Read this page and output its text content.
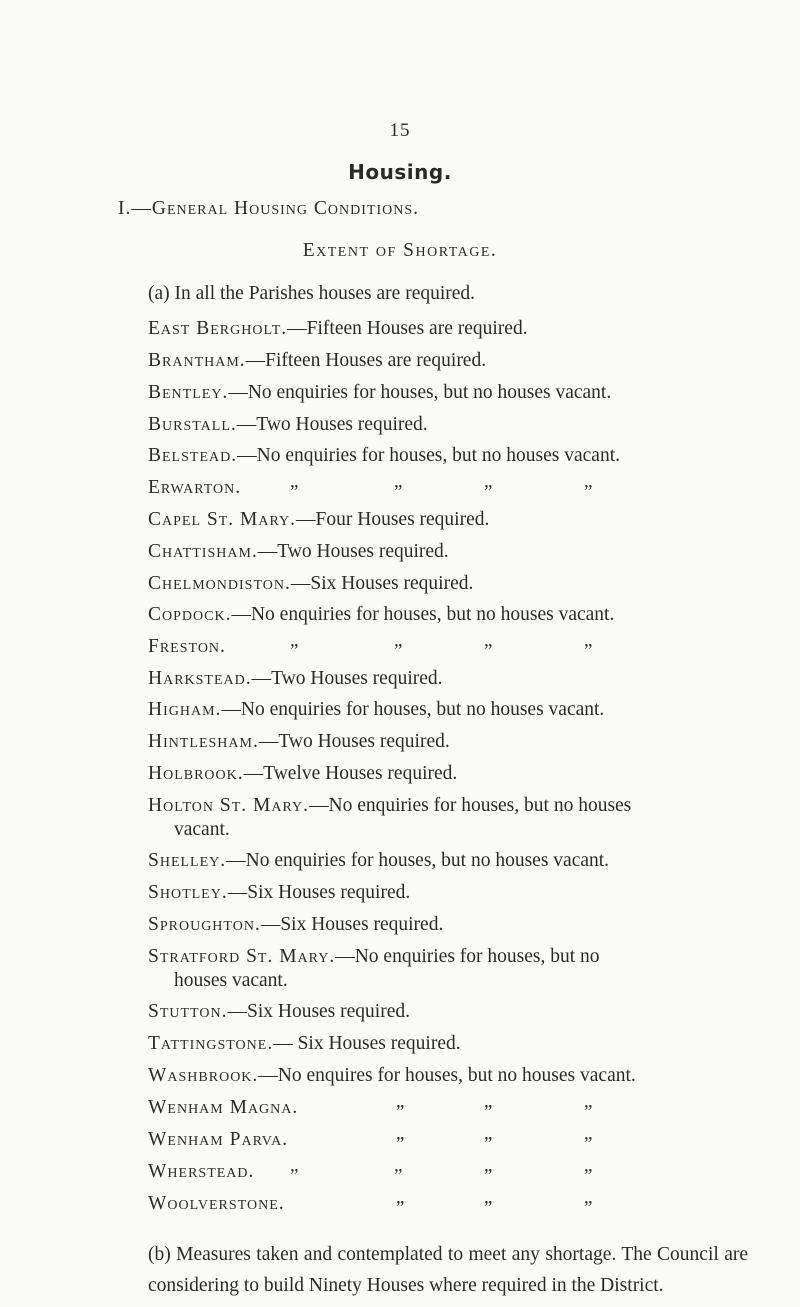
15
Housing.
I.—General Housing Conditions.
Extent of Shortage.
(a) In all the Parishes houses are required.
East Bergholt.—Fifteen Houses are required.
Brantham.—Fifteen Houses are required.
Bentley.—No enquiries for houses, but no houses vacant.
Burstall.—Two Houses required.
Belstead.—No enquiries for houses, but no houses vacant.
Erwarton.	„	„	„	„
Capel St. Mary.—Four Houses required.
Chattisham.—Two Houses required.
Chelmondiston.—Six Houses required.
Copdock.—No enquiries for houses, but no houses vacant.
Freston.	„	„	„	„
Harkstead.—Two Houses required.
Higham.—No enquiries for houses, but no houses vacant.
Hintlesham.—Two Houses required.
Holbrook.—Twelve Houses required.
Holton St. Mary.—No enquiries for houses, but no houses
vacant.
Shelley.—No enquiries for houses, but no houses vacant.
Shotley.—Six Houses required.
Sproughton.—Six Houses required.
Stratford St. Mary.—No enquiries for houses, but no
houses vacant.
Stutton.—Six Houses required.
Tattingstone.— Six Houses required.
Washbrook.—No enquires for houses, but no houses vacant.
Wenham Magna.	„	„	„
Wenham Parva.	„	„	„
Wherstead. „	„	„	„
Woolverstone.	„	„	„
(b) Measures taken and contemplated to meet any shortage. The Council are considering to build Ninety Houses where required in the District.
